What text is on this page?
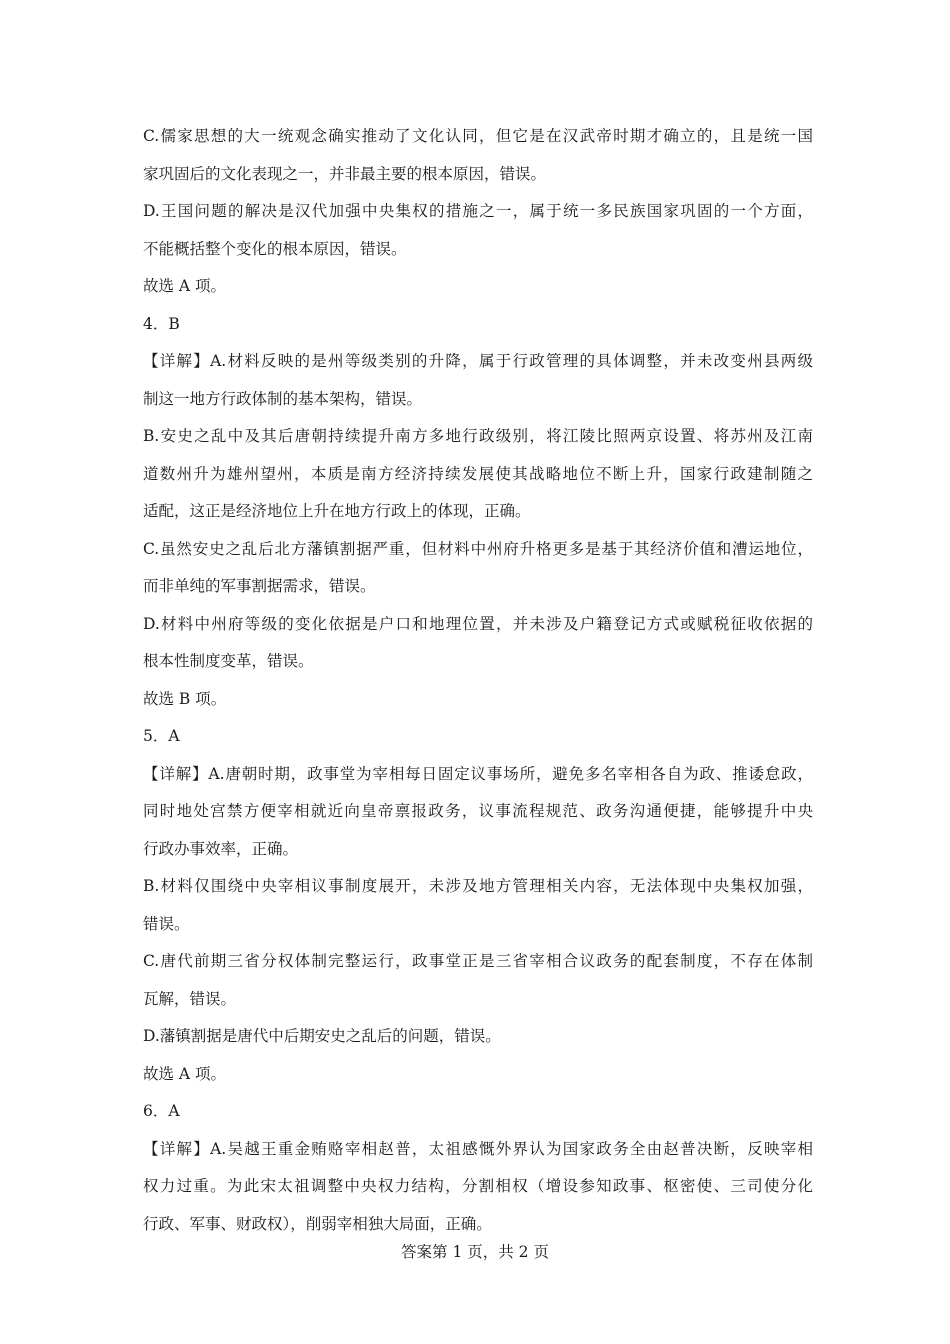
C.儒家思想的大一统观念确实推动了文化认同，但它是在汉武帝时期才确立的，且是统一国
家巩固后的文化表现之一，并非最主要的根本原因，错误。
D.王国问题的解决是汉代加强中央集权的措施之一，属于统一多民族国家巩固的一个方面，
不能概括整个变化的根本原因，错误。
故选 A 项。
4．B
【详解】A.材料反映的是州等级类别的升降，属于行政管理的具体调整，并未改变州县两级
制这一地方行政体制的基本架构，错误。
B.安史之乱中及其后唐朝持续提升南方多地行政级别，将江陵比照两京设置、将苏州及江南
道数州升为雄州望州，本质是南方经济持续发展使其战略地位不断上升，国家行政建制随之
适配，这正是经济地位上升在地方行政上的体现，正确。
C.虽然安史之乱后北方藩镇割据严重，但材料中州府升格更多是基于其经济价值和漕运地位，
而非单纯的军事割据需求，错误。
D.材料中州府等级的变化依据是户口和地理位置，并未涉及户籍登记方式或赋税征收依据的
根本性制度变革，错误。
故选 B 项。
5．A
【详解】A.唐朝时期，政事堂为宰相每日固定议事场所，避免多名宰相各自为政、推诿怠政，
同时地处宫禁方便宰相就近向皇帝禀报政务，议事流程规范、政务沟通便捷，能够提升中央
行政办事效率，正确。
B.材料仅围绕中央宰相议事制度展开，未涉及地方管理相关内容，无法体现中央集权加强，
错误。
C.唐代前期三省分权体制完整运行，政事堂正是三省宰相合议政务的配套制度，不存在体制
瓦解，错误。
D.藩镇割据是唐代中后期安史之乱后的问题，错误。
故选 A 项。
6．A
【详解】A.吴越王重金贿赂宰相赵普，太祖感慨外界认为国家政务全由赵普决断，反映宰相
权力过重。为此宋太祖调整中央权力结构，分割相权（增设参知政事、枢密使、三司使分化
行政、军事、财政权），削弱宰相独大局面，正确。
答案第 1 页，共 2 页
